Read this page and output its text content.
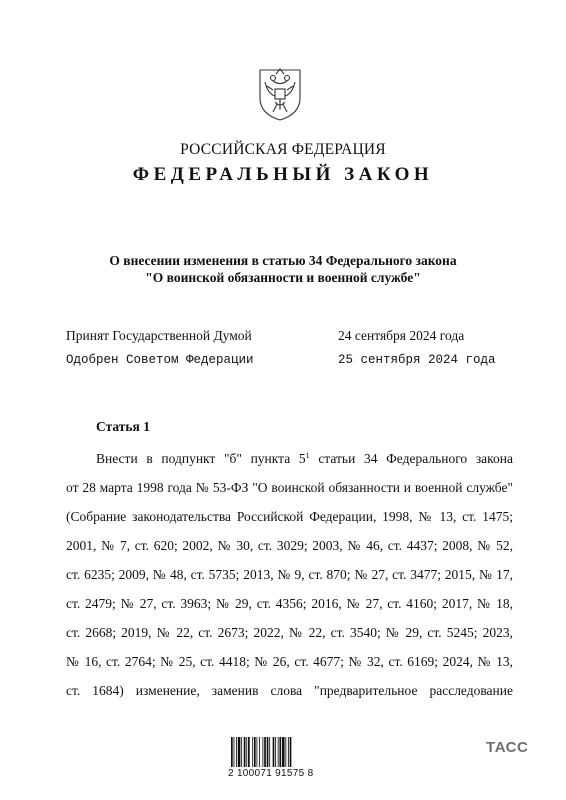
РОССИЙСКАЯ ФЕДЕРАЦИЯ
ФЕДЕРАЛЬНЫЙ ЗАКОН
О внесении изменения в статью 34 Федерального закона
"О воинской обязанности и военной службе"
Принят Государственной Думой	24 сентября 2024 года
Одобрен Советом Федерации	25 сентября 2024 года
Статья 1
Внести в подпункт "б" пункта $5^1$ статьи 34 Федерального закона
от 28 марта 1998 года № 53-ФЗ "О воинской обязанности и военной службе"
(Собрание законодательства Российской Федерации, 1998, № 13, ст. 1475;
2001, № 7, ст. 620; 2002, № 30, ст. 3029; 2003, № 46, ст. 4437; 2008, № 52,
ст. 6235; 2009, № 48, ст. 5735; 2013, № 9, ст. 870; № 27, ст. 3477; 2015, № 17,
ст. 2479; № 27, ст. 3963; № 29, ст. 4356; 2016, № 27, ст. 4160; 2017, № 18,
ст. 2668; 2019, № 22, ст. 2673; 2022, № 22, ст. 3540; № 29, ст. 5245; 2023,
№ 16, ст. 2764; № 25, ст. 4418; № 26, ст. 4677; № 32, ст. 6169; 2024, № 13,
ст. 1684) изменение, заменив слова "предварительное расследование
2 100071 91575 8
ТАСС
